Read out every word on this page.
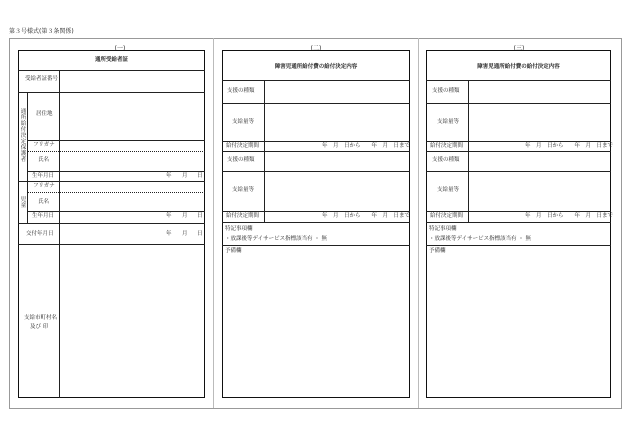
第３号様式(第３条関係)
(一)
通所受給者証
受給者証番号
通所給付決定保護者
児童
居住地
フリガナ
氏名
生年月日	年 月 日
フリガナ
氏名
生年月日	年 月 日
交付年月日	年 月 日
支給市町村名
及び 印
(二)
障害児通所給付費の給付決定内容
支援の種類
支給量等
給付決定期間	年　月　日から　　年　月　日まで
支援の種類
支給量等
給付決定期間	年　月　日から　　年　月　日まで
特記事項欄
・放課後等デイサービス指標該当 有 ・ 無
予備欄
(三)
障害児通所給付費の給付決定内容
支援の種類
支給量等
給付決定期間	年　月　日から　　年　月　日まで
支援の種類
支給量等
給付決定期間	年　月　日から　　年　月　日まで
特記事項欄
・放課後等デイサービス指標該当 有 ・ 無
予備欄
